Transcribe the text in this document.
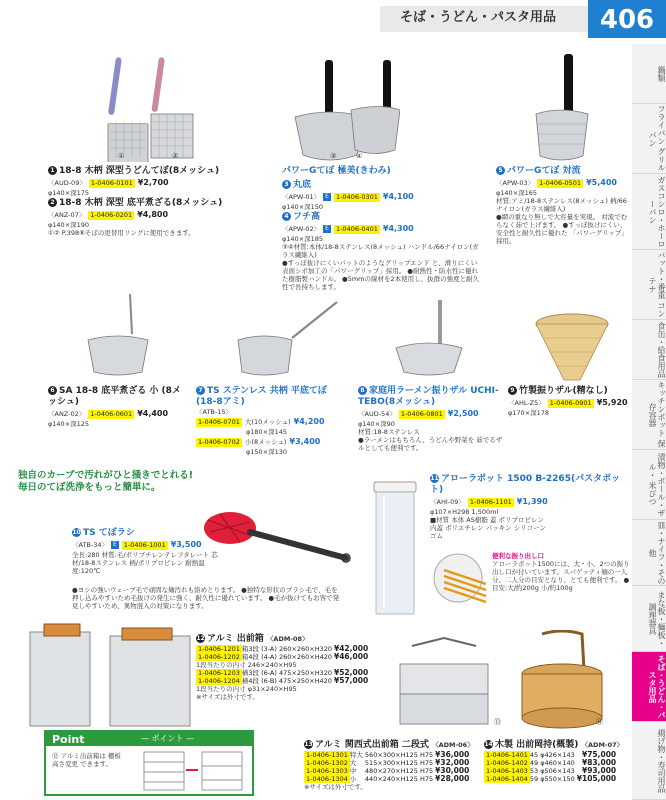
そば・うどん・パスタ用品	406
鍋類
フライパン グリルパン
ガスコンロ・ホーローパン
バット・番重 コンテナ
食缶・給食用品
キッチンポット 保存容器
漬物・ボール・ザル・ 米びつ
皿・ナイフ・その他
まな板・麺板・ 調理器具
そば・うどん・パスタ用品
揚げ物・寿司用品
①	②
1 18-8 木柄 深型うどんてぼ(8メッシュ)
〈AUD-09〉 1-0406-0101 ¥2,700
φ140×深175
2 18-8 木柄 深型 底平煮ざる(8メッシュ)
〈ANZ-07〉 1-0406-0201 ¥4,800
φ140×深190
①② P.398⑧そばの更替用リングに使用できます。
③	④
パワーGてぼ 極美(きわみ)
3 丸底
〈APW-01〉 E	1-0406-0301 ¥4,100
φ140×深150
4 フチ高
〈APW-02〉 E	1-0406-0401 ¥4,300
φ140×深185
③④材質:本体/18-8ステンレス(8メッシュ) ハンドル/66ナイロン(ガラス繊維入)
●すっぽ抜けにくいパットのようなグリップエンド と、滑りにくい表面シボ加工の「パワーグリップ」採用。 ●耐熱性・防水性に優れた樹脂製ハンドル。 ●5mmの線材を2本使用し、抜群の強度と耐久性で長持ちします。
5 パワーGてぼ 対流
〈APW-03〉 1-0406-0501 ¥5,400
φ140×深165
材質:アミ/18-8ステンレス(8メッシュ) 柄/66ナイロン(ガラス繊維入)
●網の重なり無しで大容量を実現。 対流でむらなく茹で上げます。 ●すっぽ抜けにくい、安全性と耐久性に優れた 「パワーグリップ」採用。
6 SA 18-8 底平煮ざる 小 (8メッシュ)
〈ANZ-02〉 1-0406-0601 ¥4,400
φ140×深125
7 TS ステンレス 共柄 平底てぼ(18-8アミ)
〈ATB-15〉
1-0406-0701 大(10メッシュ) ¥4,200
φ180×深145
1-0406-0702 小(8メッシュ) ¥3,400
φ150×深130
8 家庭用ラーメン振りザル UCHI-TEBO(8メッシュ)
〈AUD-54〉 1-0406-0801 ¥2,500
φ140×深90
材質:18-8ステンレス
●ラーメンはもちろん、うどんや野菜を 茹でるザルとしても便利です。
9 竹製振りザル(精なし)
〈AHL-Z5〉 1-0406-0901 ¥5,920
φ170×深178
独自のカーブで汚れがひと掻きでとれる!
毎日のてぼ洗浄をもっと簡単に。
10 TS てぼラシ
〈ATB-34〉 E	1-0406-1001 ¥3,500
全長:280 材質:毛/ポリブチレンテレフタレート 芯材/18-8ステンレス 柄/ポリプロピレン 耐熱温度:120℃
●ヨシの強いウェーブ毛で頑固な麺汚れも絡めとります。 ●独特な形状のブラシ毛で、毛を押し込みやすいため毛抜けの発生に強く、耐久性に優れています。 ●毛が抜けてもお客で発見しやすいため、異物混入の対策になります。
11 アローラポット 1500 B-2265(パスタポット)
〈AHI-09〉 1-0406-1101 ¥1,390
φ107×H298 1,500ml
■材質 本体 AS樹脂 蓋 ポリプロピレン 内蓋 ポリエチレン パッキン シリコーンゴム
便利な振り出し口
アローラポット1500には、大・小、2つの振り出し口が付いています。スパゲッティ麺の一人分、二人分の目安となり、とても便利です。 ●目安:大/約200g 小/約100g
12 アルミ 出前箱 〈ADM-08〉
1-0406-1201	箱3段	(3-A) 260×260×H320	¥42,000
1-0406-1202	箱4段	(4-A) 260×260×H420	¥46,000
1段当たりの内寸 246×240×H95
1-0406-1203	横3段	(6-A) 475×250×H320	¥52,000
1-0406-1204	横4段	(6-B) 475×250×H420	¥57,000
1段当たりの内寸 φ31×240×H95
※サイズは外寸です。
⑬	⑭
13 アルミ 関西式出前箱 二段式 〈ADM-06〉
1-0406-1301	特大	560×300×H125 H75	¥36,000
1-0406-1302	大	515×300×H125 H75	¥32,000
1-0406-1303	中	480×270×H125 H75	¥30,000
1-0406-1304	小	440×240×H125 H75	¥28,000
※サイズは外寸です。
14 木製 出前岡持(概製) 〈ADM-07〉
1-0406-1401	45	φ426×143	¥75,000
1-0406-1402	49	φ460×140	¥83,000
1-0406-1403	53	φ506×143	¥93,000
1-0406-1404	59	φ550×150	¥105,000
Point	— ポイント —
⑫ アルミ出前箱は 棚板高さ変更 できます。
